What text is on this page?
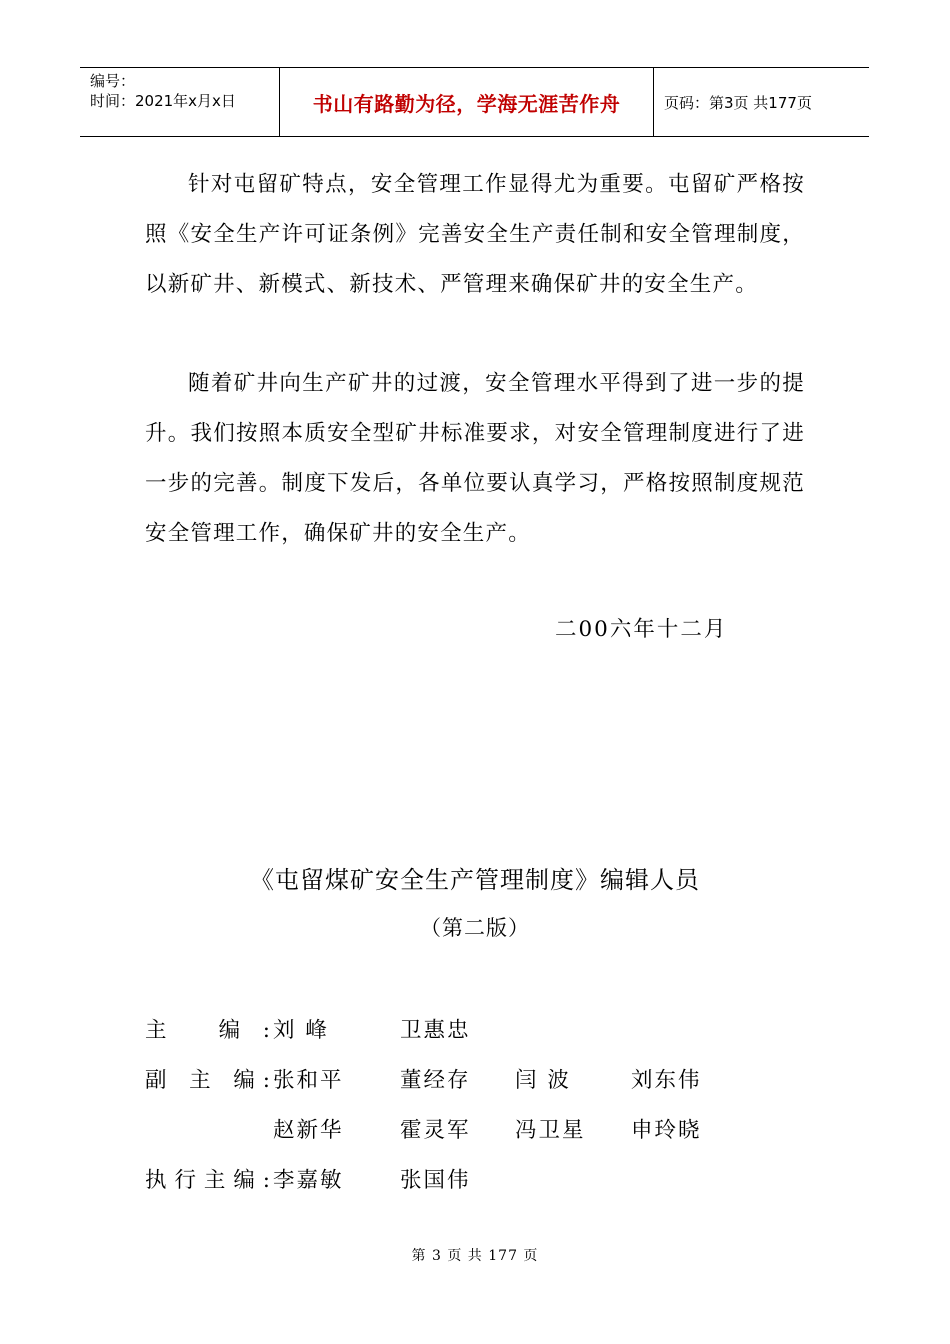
编号：
时间：2021年x月x日	书山有路勤为径，学海无涯苦作舟	页码：第3页 共177页

针对屯留矿特点，安全管理工作显得尤为重要。屯留矿严格按照《安全生产许可证条例》完善安全生产责任制和安全管理制度，以新矿井、新模式、新技术、严管理来确保矿井的安全生产。

随着矿井向生产矿井的过渡，安全管理水平得到了进一步的提升。我们按照本质安全型矿井标准要求，对安全管理制度进行了进一步的完善。制度下发后，各单位要认真学习，严格按照制度规范安全管理工作，确保矿井的安全生产。

二00六年十二月
《屯留煤矿安全生产管理制度》编辑人员
（第二版）
主 编: 刘 峰	卫惠忠
副 主 编: 张和平	董经存 闫 波	刘东伟
赵新华	霍灵军 冯卫星 申玲晓
执行主编: 李嘉敏	张国伟
第 3 页 共 177 页
